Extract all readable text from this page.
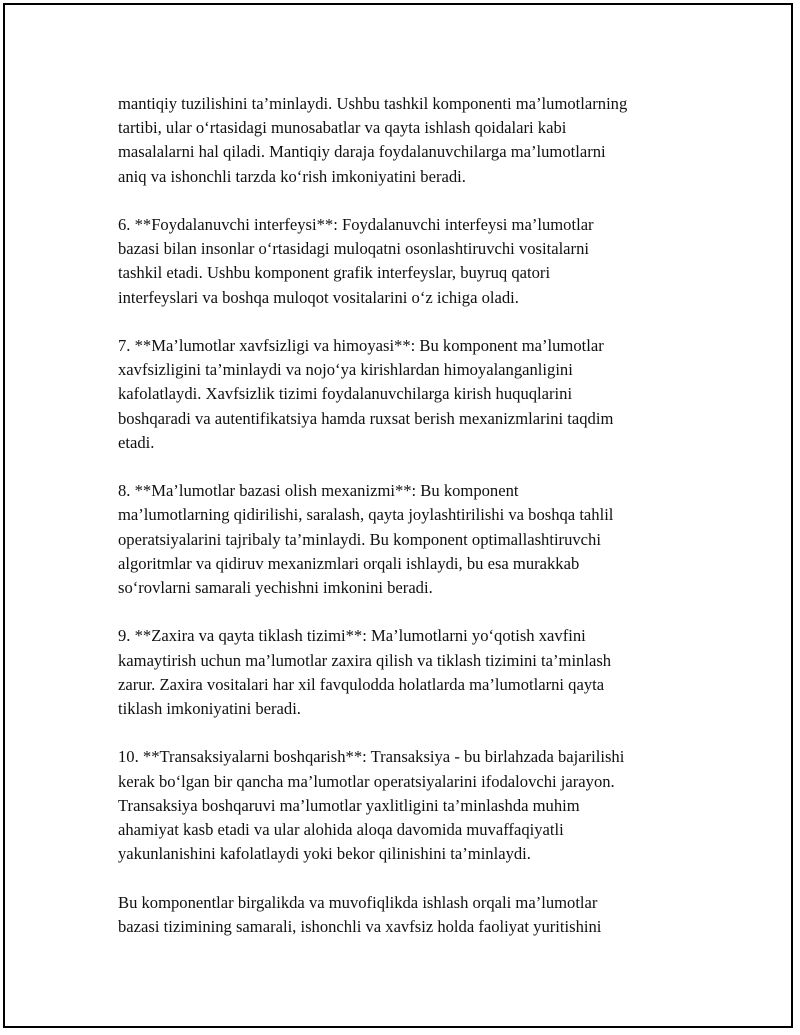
mantiqiy tuzilishini ta’minlaydi. Ushbu tashkil komponenti ma’lumotlarning
tartibi, ular o‘rtasidagi munosabatlar va qayta ishlash qoidalari kabi
masalalarni hal qiladi. Mantiqiy daraja foydalanuvchilarga ma’lumotlarni
aniq va ishonchli tarzda ko‘rish imkoniyatini beradi.

6. **Foydalanuvchi interfeysi**: Foydalanuvchi interfeysi ma’lumotlar
bazasi bilan insonlar o‘rtasidagi muloqatni osonlashtiruvchi vositalarni
tashkil etadi. Ushbu komponent grafik interfeyslar, buyruq qatori
interfeyslari va boshqa muloqot vositalarini o‘z ichiga oladi.

7. **Ma’lumotlar xavfsizligi va himoyasi**: Bu komponent ma’lumotlar
xavfsizligini ta’minlaydi va nojo‘ya kirishlardan himoyalanganligini
kafolatlaydi. Xavfsizlik tizimi foydalanuvchilarga kirish huquqlarini
boshqaradi va autentifikatsiya hamda ruxsat berish mexanizmlarini taqdim
etadi.

8. **Ma’lumotlar bazasi olish mexanizmi**: Bu komponent
ma’lumotlarning qidirilishi, saralash, qayta joylashtirilishi va boshqa tahlil
operatsiyalarini tajribaly ta’minlaydi. Bu komponent optimallashtiruvchi
algoritmlar va qidiruv mexanizmlari orqali ishlaydi, bu esa murakkab
so‘rovlarni samarali yechishni imkonini beradi.

9. **Zaxira va qayta tiklash tizimi**: Ma’lumotlarni yo‘qotish xavfini
kamaytirish uchun ma’lumotlar zaxira qilish va tiklash tizimini ta’minlash
zarur. Zaxira vositalari har xil favqulodda holatlarda ma’lumotlarni qayta
tiklash imkoniyatini beradi.

10. **Transaksiyalarni boshqarish**: Transaksiya - bu birlahzada bajarilishi
kerak bo‘lgan bir qancha ma’lumotlar operatsiyalarini ifodalovchi jarayon.
Transaksiya boshqaruvi ma’lumotlar yaxlitligini ta’minlashda muhim
ahamiyat kasb etadi va ular alohida aloqa davomida muvaffaqiyatli
yakunlanishini kafolatlaydi yoki bekor qilinishini ta’minlaydi.

Bu komponentlar birgalikda va muvofiqlikda ishlash orqali ma’lumotlar
bazasi tizimining samarali, ishonchli va xavfsiz holda faoliyat yuritishini
